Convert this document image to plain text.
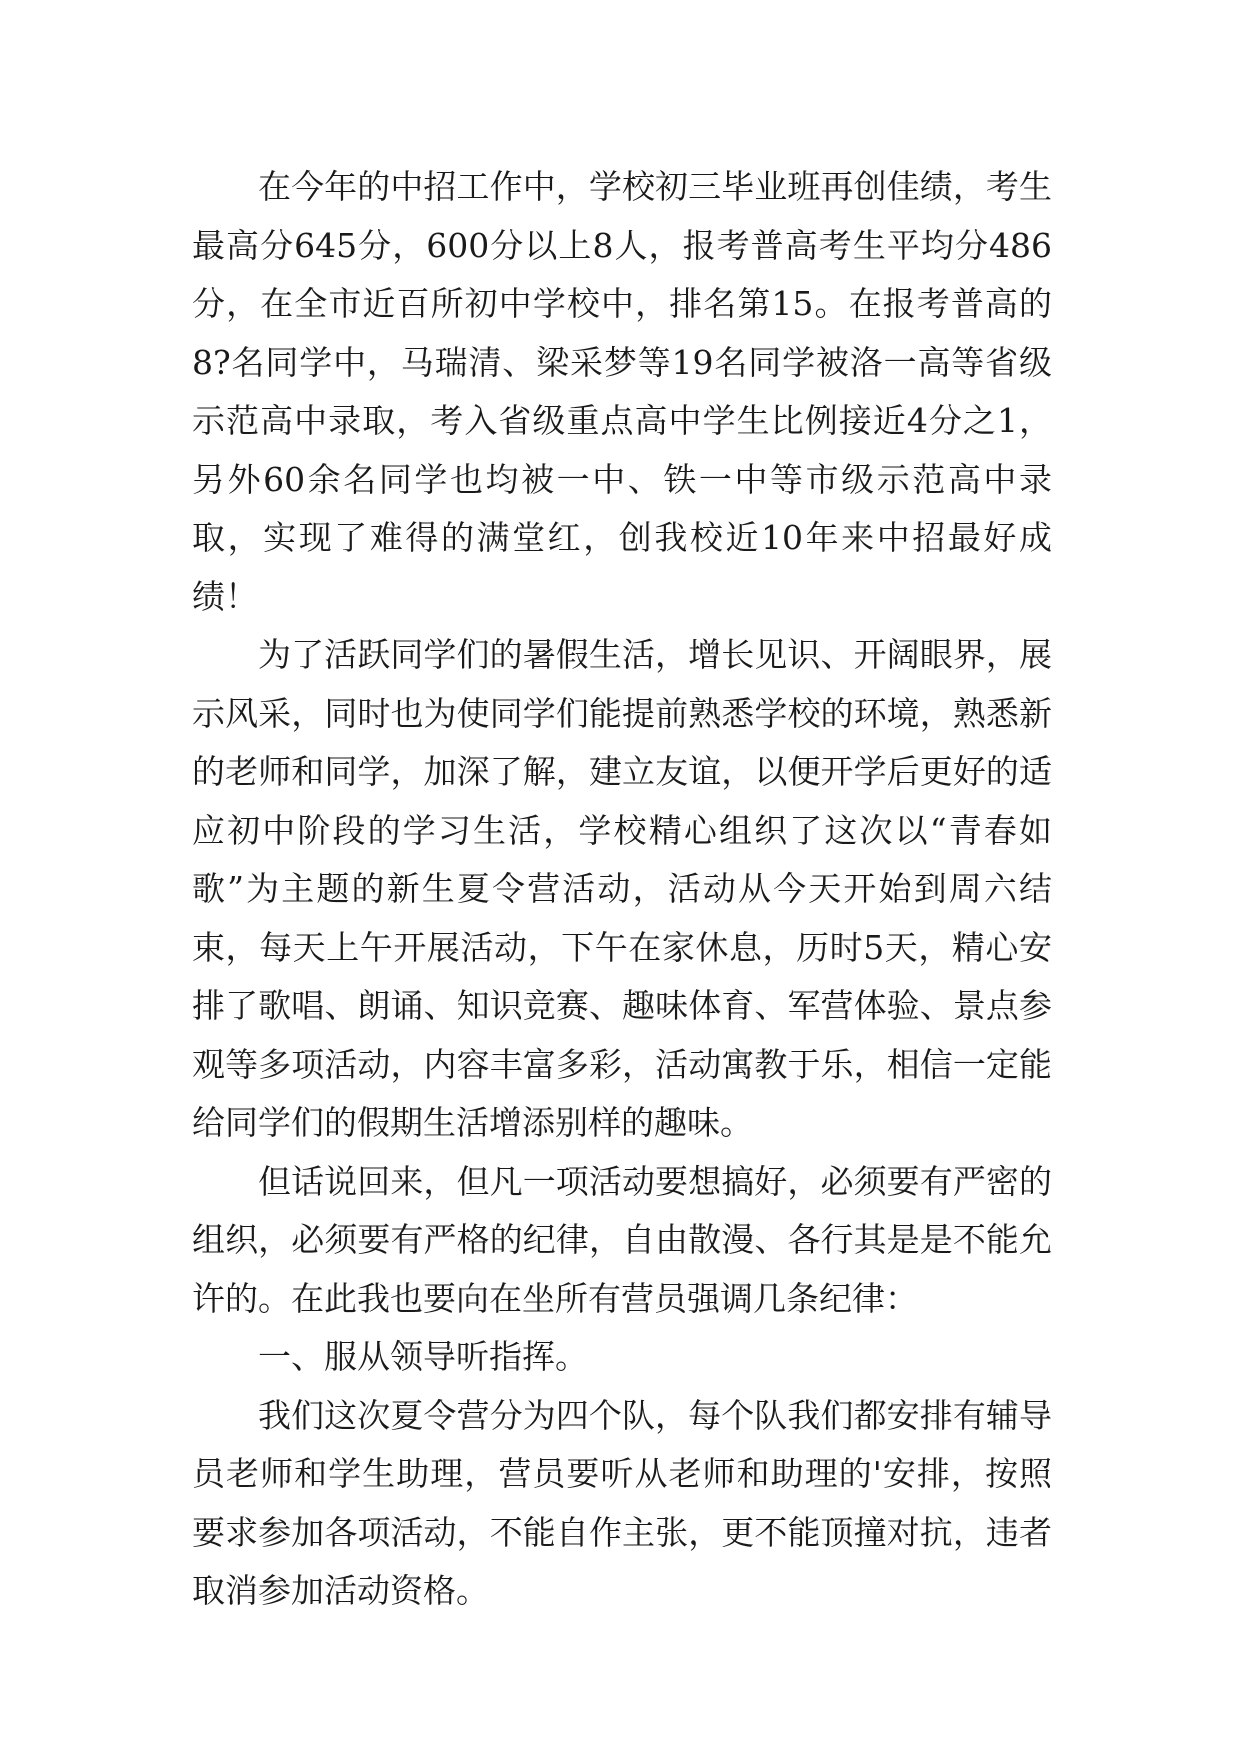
在今年的中招工作中，学校初三毕业班再创佳绩，考生最高分645分，600分以上8人，报考普高考生平均分486分，在全市近百所初中学校中，排名第15。在报考普高的8?名同学中，马瑞清、梁采梦等19名同学被洛一高等省级示范高中录取，考入省级重点高中学生比例接近4分之1，另外60余名同学也均被一中、铁一中等市级示范高中录取，实现了难得的满堂红，创我校近10年来中招最好成绩！

为了活跃同学们的暑假生活，增长见识、开阔眼界，展示风采，同时也为使同学们能提前熟悉学校的环境，熟悉新的老师和同学，加深了解，建立友谊，以便开学后更好的适应初中阶段的学习生活，学校精心组织了这次以“青春如歌”为主题的新生夏令营活动，活动从今天开始到周六结束，每天上午开展活动，下午在家休息，历时5天，精心安排了歌唱、朗诵、知识竞赛、趣味体育、军营体验、景点参观等多项活动，内容丰富多彩，活动寓教于乐，相信一定能给同学们的假期生活增添别样的趣味。

但话说回来，但凡一项活动要想搞好，必须要有严密的组织，必须要有严格的纪律，自由散漫、各行其是是不能允许的。在此我也要向在坐所有营员强调几条纪律：

一、服从领导听指挥。

我们这次夏令营分为四个队，每个队我们都安排有辅导员老师和学生助理，营员要听从老师和助理的'安排，按照要求参加各项活动，不能自作主张，更不能顶撞对抗，违者取消参加活动资格。
